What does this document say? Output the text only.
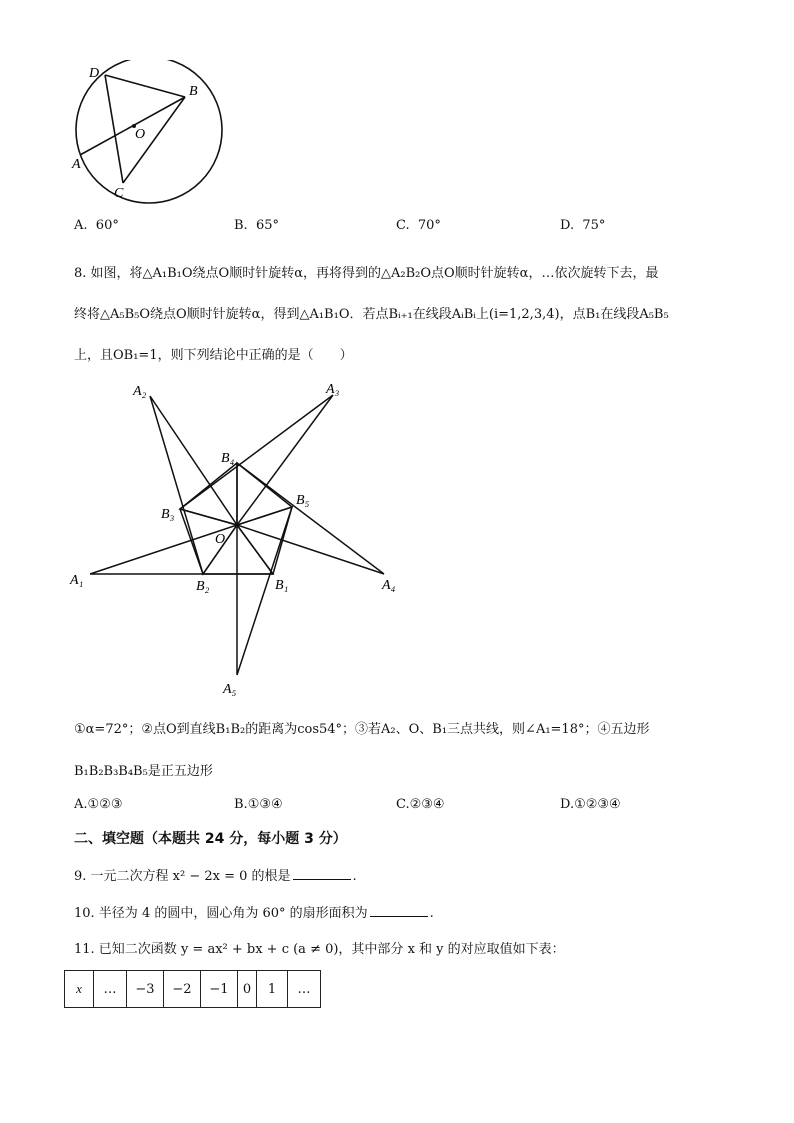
D
B
O
A
C
A. 60°	B. 65°	C. 70°	D. 75°
8. 如图，将△A₁B₁O绕点O顺时针旋转α，再将得到的△A₂B₂O点O顺时针旋转α，…依次旋转下去，最
终将△A₅B₅O绕点O顺时针旋转α，得到△A₁B₁O．若点Bᵢ₊₁在线段AᵢBᵢ上(i=1,2,3,4)，点B₁在线段A₅B₅
上，且OB₁=1，则下列结论中正确的是（　　）
A₂	A₃
B₄
B₅
B₃
O
A₁	B₂	B₁	A₄
A₅
①α=72°；②点O到直线B₁B₂的距离为cos54°；③若A₂、O、B₁三点共线，则∠A₁=18°；④五边形
B₁B₂B₃B₄B₅是正五边形
A.①②③	B.①③④	C.②③④	D.①②③④
二、填空题（本题共 24 分，每小题 3 分）
9. 一元二次方程 x² − 2x = 0 的根是	.
10. 半径为 4 的圆中，圆心角为 60° 的扇形面积为	.
11. 已知二次函数 y = ax² + bx + c (a ≠ 0)，其中部分 x 和 y 的对应取值如下表：
x	…	−3	−2	−1	0	1	…
